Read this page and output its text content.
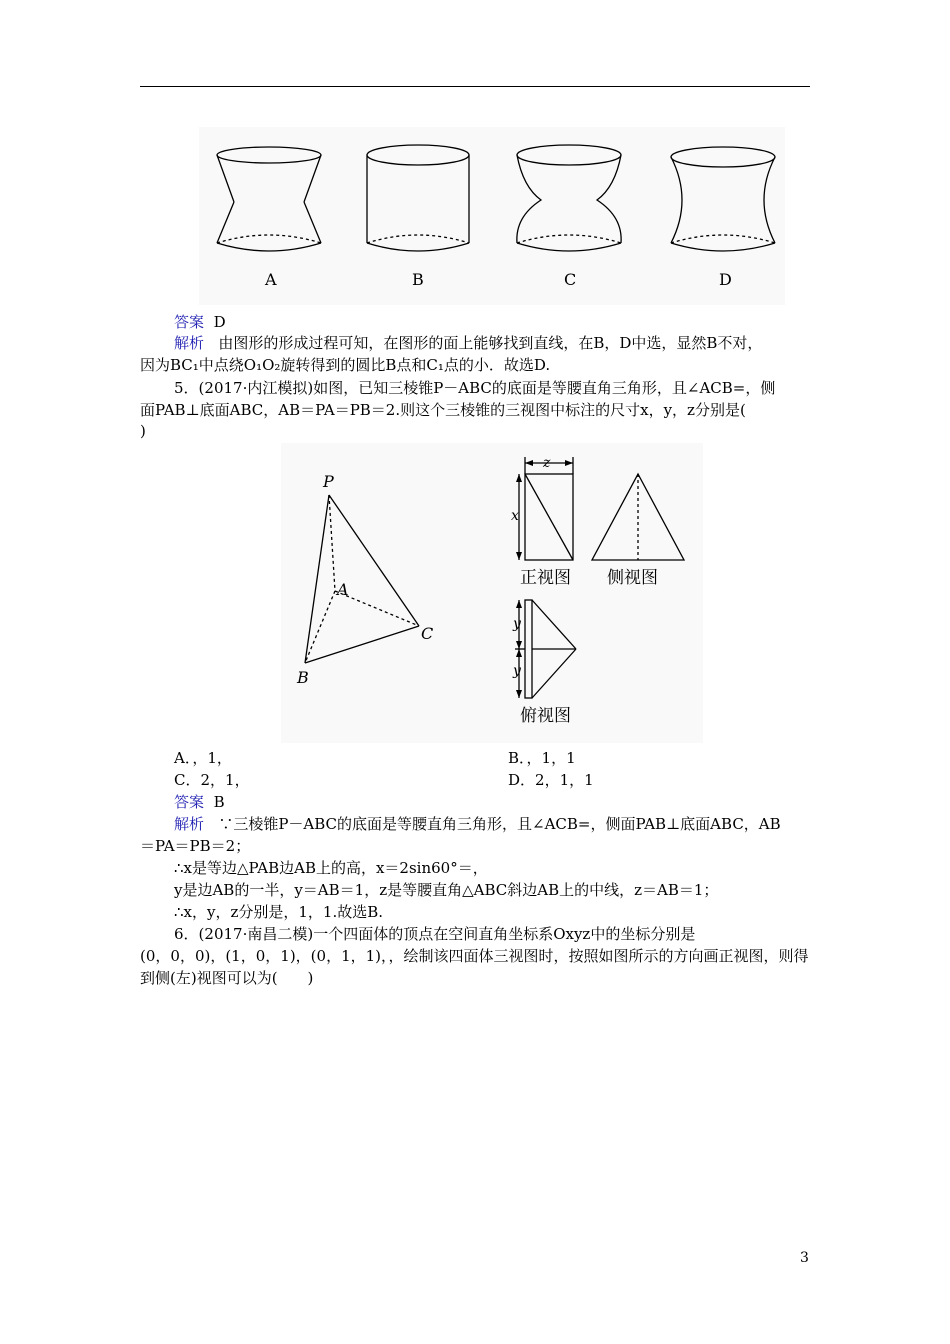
A	B	C	D
答案 D
解析 由图形的形成过程可知，在图形的面上能够找到直线，在B，D中选，显然B不对，
因为BC₁中点绕O₁O₂旋转得到的圆比B点和C₁点的小．故选D.
5．(2017·内江模拟)如图，已知三棱锥P－ABC的底面是等腰直角三角形，且∠ACB=，侧
面PAB⊥底面ABC，AB＝PA＝PB＝2.则这个三棱锥的三视图中标注的尺寸x，y，z分别是(
)
P
A
B
C
z
x
y
y
正视图 侧视图
俯视图
A．，1，	B．，1，1
C．2，1，	D．2，1，1
答案 B
解析 ∵三棱锥P－ABC的底面是等腰直角三角形，且∠ACB=，侧面PAB⊥底面ABC，AB
＝PA＝PB＝2；
∴x是等边△PAB边AB上的高，x＝2sin60°＝，
y是边AB的一半，y＝AB＝1，z是等腰直角△ABC斜边AB上的中线，z＝AB＝1；
∴x，y，z分别是，1，1.故选B.
6．(2017·南昌二模)一个四面体的顶点在空间直角坐标系Oxyz中的坐标分别是
(0，0，0)，(1，0，1)，(0，1，1)，，绘制该四面体三视图时，按照如图所示的方向画正视图，则得
到侧(左)视图可以为(　　)
3
